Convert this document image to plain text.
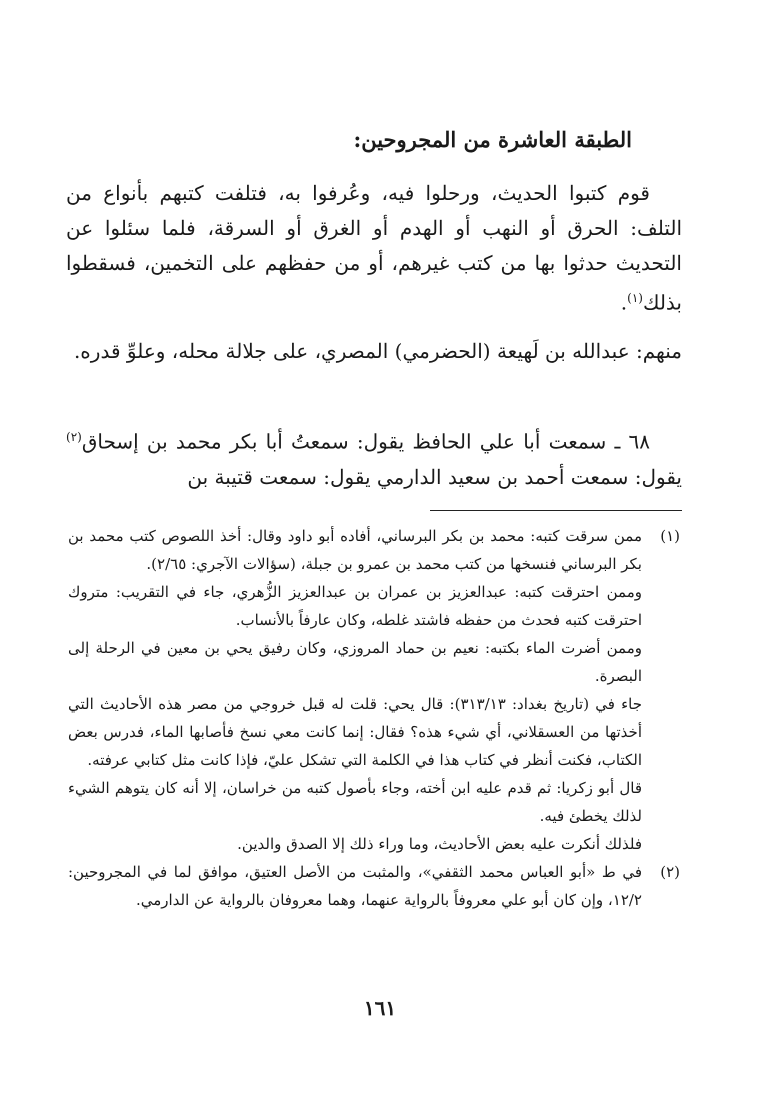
الطبقة العاشرة من المجروحين:

قوم كتبوا الحديث، ورحلوا فيه، وعُرفوا به، فتلفت كتبهم بأنواع من التلف: الحرق أو النهب أو الهدم أو الغرق أو السرقة، فلما سئلوا عن التحديث حدثوا بها من كتب غيرهم، أو من حفظهم على التخمين، فسقطوا بذلك$^{(١)}$.

منهم: عبدالله بن لَهيعة (الحضرمي) المصري، على جلالة محله، وعلوِّ قدره.

٦٨ ـ سمعت أبا علي الحافظ يقول: سمعتُ أبا بكر محمد بن إسحاق$^{(٢)}$ يقول: سمعت أحمد بن سعيد الدارمي يقول: سمعت قتيبة بن

(١)

ممن سرقت كتبه: محمد بن بكر البرساني، أفاده أبو داود وقال: أخذ اللصوص كتب محمد بن بكر البرساني فنسخها من كتب محمد بن عمرو بن جبلة، (سؤالات الآجري: ٢/٦٥).

وممن احترقت كتبه: عبدالعزيز بن عمران بن عبدالعزيز الزُّهري، جاء في التقريب: متروك احترقت كتبه فحدث من حفظه فاشتد غلطه، وكان عارفاً بالأنساب.

وممن أضرت الماء بكتبه: نعيم بن حماد المروزي، وكان رفيق يحي بن معين في الرحلة إلى البصرة.

جاء في (تاريخ بغداد: ٣١٣/١٣): قال يحي: قلت له قبل خروجي من مصر هذه الأحاديث التي أخذتها من العسقلاني، أي شيء هذه؟ فقال: إنما كانت معي نسخ فأصابها الماء، فدرس بعض الكتاب، فكنت أنظر في كتاب هذا في الكلمة التي تشكل عليّ، فإذا كانت مثل كتابي عرفته.

قال أبو زكريا: ثم قدم عليه ابن أخته، وجاء بأصول كتبه من خراسان، إلا أنه كان يتوهم الشيء لذلك يخطئ فيه.

فلذلك أنكرت عليه بعض الأحاديث، وما وراء ذلك إلا الصدق والدين.

(٢)

في ط «أبو العباس محمد الثقفي»، والمثبت من الأصل العتيق، موافق لما في المجروحين: ١٢/٢، وإن كان أبو علي معروفاً بالرواية عنهما، وهما معروفان بالرواية عن الدارمي.

١٦١
